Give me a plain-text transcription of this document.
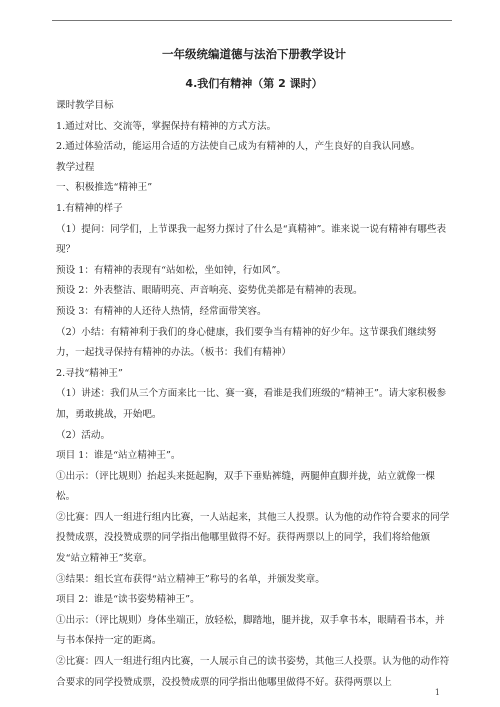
一年级统编道德与法治下册教学设计
4.我们有精神（第 2 课时）

课时教学目标

1.通过对比、交流等，掌握保持有精神的方式方法。

2.通过体验活动，能运用合适的方法使自己成为有精神的人，产生良好的自我认同感。

教学过程

一、积极推选“精神王”

1.有精神的样子

（1）提问：同学们，上节课我一起努力探讨了什么是“真精神”。谁来说一说有精神有哪些表现？

预设 1：有精神的表现有“站如松，坐如钟，行如风”。

预设 2：外表整洁、眼睛明亮、声音响亮、姿势优美都是有精神的表现。

预设 3：有精神的人还待人热情，经常面带笑容。

（2）小结：有精神利于我们的身心健康，我们要争当有精神的好少年。这节课我们继续努力，一起找寻保持有精神的办法。（板书：我们有精神）

2.寻找“精神王”

（1）讲述：我们从三个方面来比一比、赛一赛，看谁是我们班级的“精神王”。请大家积极参加，勇敢挑战，开始吧。

（2）活动。

项目 1：谁是“站立精神王”。

①出示：（评比规则）抬起头来挺起胸，双手下垂贴裤缝，两腿伸直脚并拢，站立就像一棵松。

②比赛：四人一组进行组内比赛，一人站起来，其他三人投票。认为他的动作符合要求的同学投赞成票，没投赞成票的同学指出他哪里做得不好。获得两票以上的同学，我们将给他颁发“站立精神王”奖章。

③结果：组长宣布获得“站立精神王”称号的名单，并颁发奖章。

项目 2：谁是“读书姿势精神王”。

①出示：（评比规则）身体坐端正，放轻松，脚踏地，腿并拢，双手拿书本，眼睛看书本，并与书本保持一定的距离。

②比赛：四人一组进行组内比赛，一人展示自己的读书姿势，其他三人投票。认为他的动作符合要求的同学投赞成票，没投赞成票的同学指出他哪里做得不好。获得两票以上

1
